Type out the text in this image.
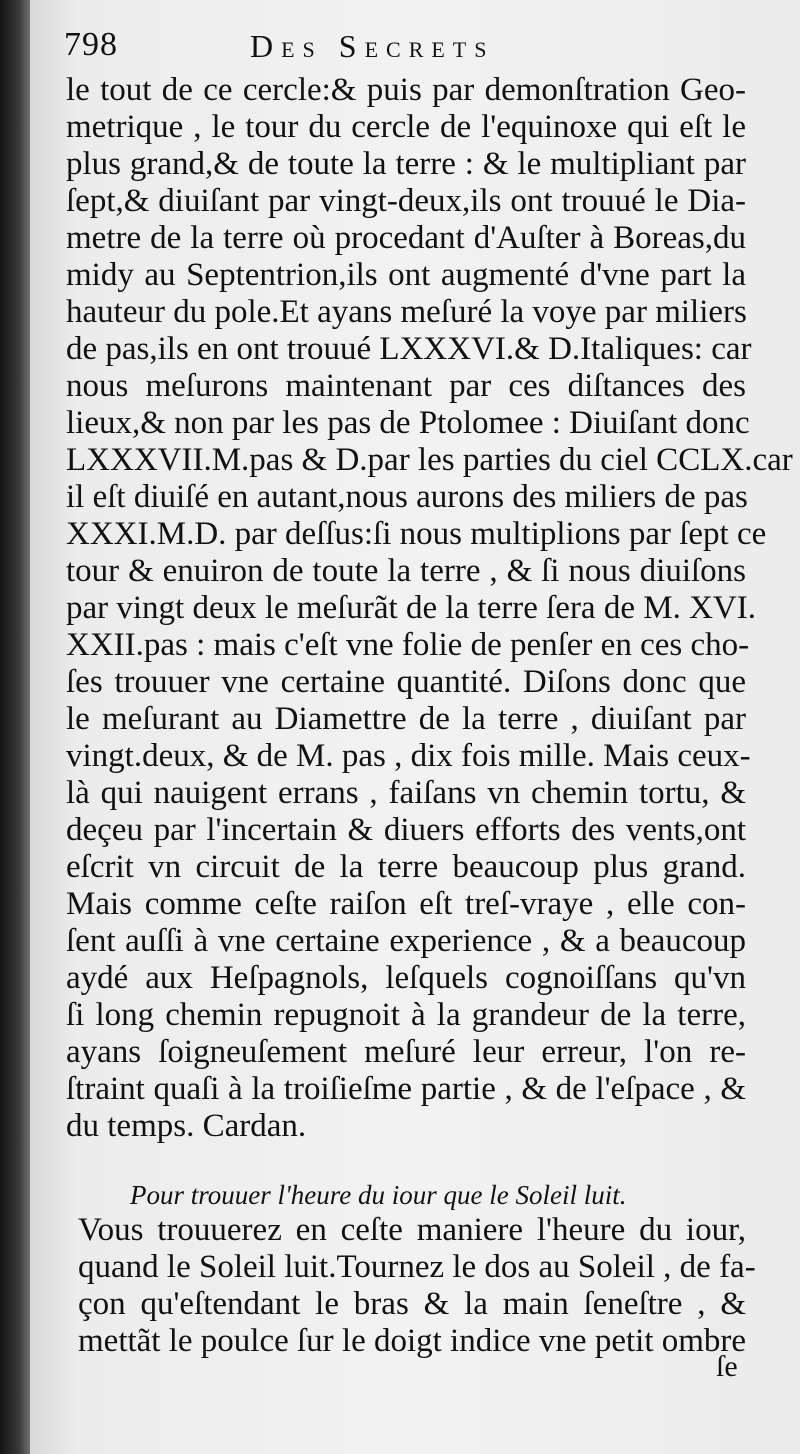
798	Des Secrets
le tout de ce cercle:& puis par demonſtration Geo-
metrique , le tour du cercle de l'equinoxe qui eſt le
plus grand,& de toute la terre : & le multipliant par
ſept,& diuiſant par vingt-deux,ils ont trouué le Dia-
metre de la terre où procedant d'Auſter à Boreas,du
midy au Septentrion,ils ont augmenté d'vne part la
hauteur du pole.Et ayans meſuré la voye par miliers
de pas,ils en ont trouué LXXXVI.& D.Italiques: car
nous meſurons maintenant par ces diſtances des
lieux,& non par les pas de Ptolomee : Diuiſant donc
LXXXVII.M.pas & D.par les parties du ciel CCLX.car
il eſt diuiſé en autant,nous aurons des miliers de pas
XXXI.M.D. par deſſus:ſi nous multiplions par ſept ce
tour & enuiron de toute la terre , & ſi nous diuiſons
par vingt deux le meſurãt de la terre ſera de M. XVI.
XXII.pas : mais c'eſt vne folie de penſer en ces cho-
ſes trouuer vne certaine quantité. Diſons donc que
le meſurant au Diamettre de la terre , diuiſant par
vingt.deux, & de M. pas , dix fois mille. Mais ceux-
là qui nauigent errans , faiſans vn chemin tortu, &
deçeu par l'incertain & diuers efforts des vents,ont
eſcrit vn circuit de la terre beaucoup plus grand.
Mais comme ceſte raiſon eſt treſ-vraye , elle con-
ſent auſſi à vne certaine experience , & a beaucoup
aydé aux Heſpagnols, leſquels cognoiſſans qu'vn
ſi long chemin repugnoit à la grandeur de la terre,
ayans ſoigneuſement meſuré leur erreur, l'on re-
ſtraint quaſi à la troiſieſme partie , & de l'eſpace , &
du temps. Cardan.
Pour trouuer l'heure du iour que le Soleil luit.
Vous trouuerez en ceſte maniere l'heure du iour,
quand le Soleil luit.Tournez le dos au Soleil , de fa-
çon qu'eſtendant le bras & la main ſeneſtre , &
mettãt le poulce ſur le doigt indice vne petit ombre
ſe
